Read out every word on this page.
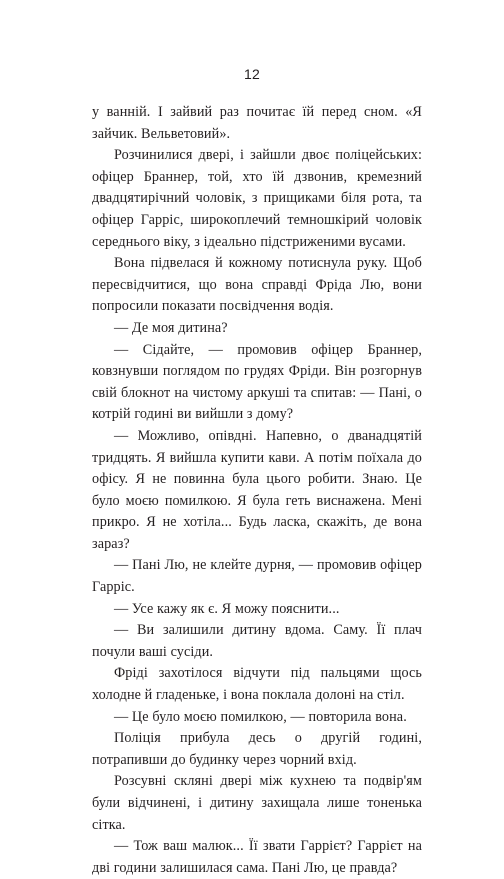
12

у ванній. І зайвий раз почитає їй перед сном. «Я зайчик. Вельветовий».

Розчинилися двері, і зайшли двоє поліцейських: офіцер Браннер, той, хто їй дзвонив, кремезний двадцятирічний чоловік, з прищиками біля рота, та офіцер Гарріс, широкоплечий темношкірий чоловік середнього віку, з ідеально підстриженими вусами.

Вона підвелася й кожному потиснула руку. Щоб пересвідчитися, що вона справді Фріда Лю, вони попросили показати посвідчення водія.

— Де моя дитина?

— Сідайте, — промовив офіцер Браннер, ковзнувши поглядом по грудях Фріди. Він розгорнув свій блокнот на чистому аркуші та спитав: — Пані, о котрій годині ви вийшли з дому?

— Можливо, опівдні. Напевно, о дванадцятій тридцять. Я вийшла купити кави. А потім поїхала до офісу. Я не повинна була цього робити. Знаю. Це було моєю помилкою. Я була геть виснажена. Мені прикро. Я не хотіла... Будь ласка, скажіть, де вона зараз?

— Пані Лю, не клейте дурня, — промовив офіцер Гарріс.

— Усе кажу як є. Я можу пояснити...

— Ви залишили дитину вдома. Саму. Її плач почули ваші сусіди.

Фріді захотілося відчути під пальцями щось холодне й гладеньке, і вона поклала долоні на стіл.

— Це було моєю помилкою, — повторила вона.

Поліція прибула десь о другій годині, потрапивши до будинку через чорний вхід.

Розсувні скляні двері між кухнею та подвір'ям були відчинені, і дитину захищала лише тоненька сітка.

— Тож ваш малюк... Її звати Гаррієт? Гаррієт на дві години залишилася сама. Пані Лю, це правда?
